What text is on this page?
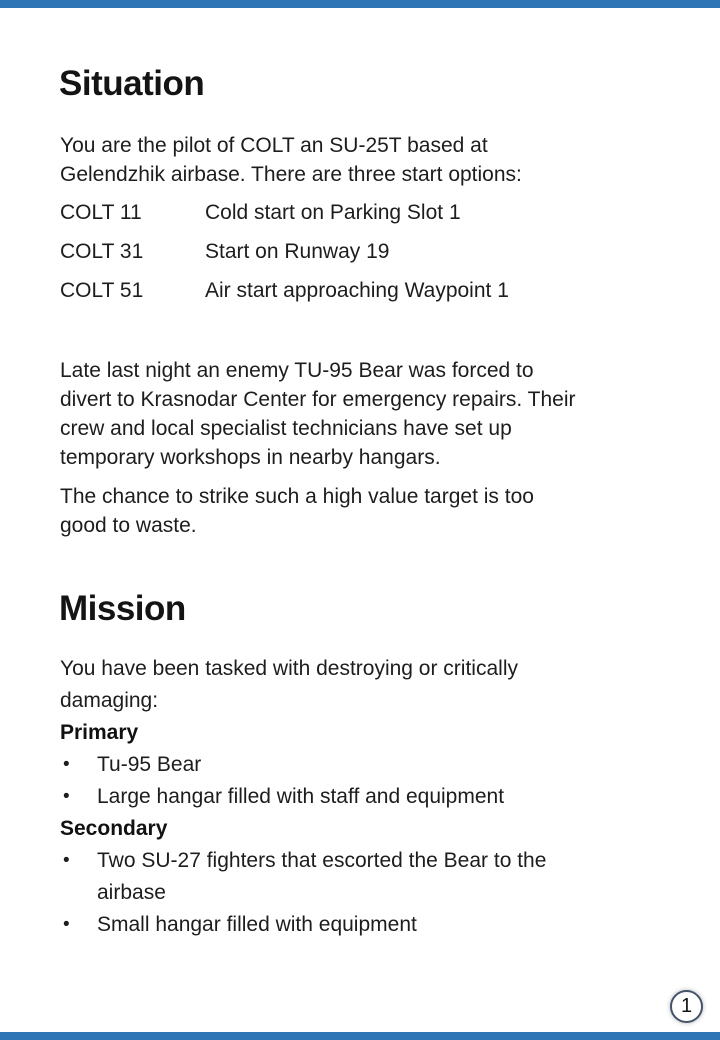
Situation
You are the pilot of COLT an SU-25T based at
Gelendzhik airbase. There are three start options:
COLT 11	Cold start on Parking Slot 1
COLT 31	Start on Runway 19
COLT 51	Air start approaching Waypoint 1
Late last night an enemy TU-95 Bear was forced to
divert to Krasnodar Center for emergency repairs. Their
crew and local specialist technicians have set up
temporary workshops in nearby hangars.
The chance to strike such a high value target is too
good to waste.
Mission
You have been tasked with destroying or critically
damaging:
Primary
•	Tu-95 Bear
•	Large hangar filled with staff and equipment
Secondary
•	Two SU-27 fighters that escorted the Bear to the
airbase
•	Small hangar filled with equipment
1
